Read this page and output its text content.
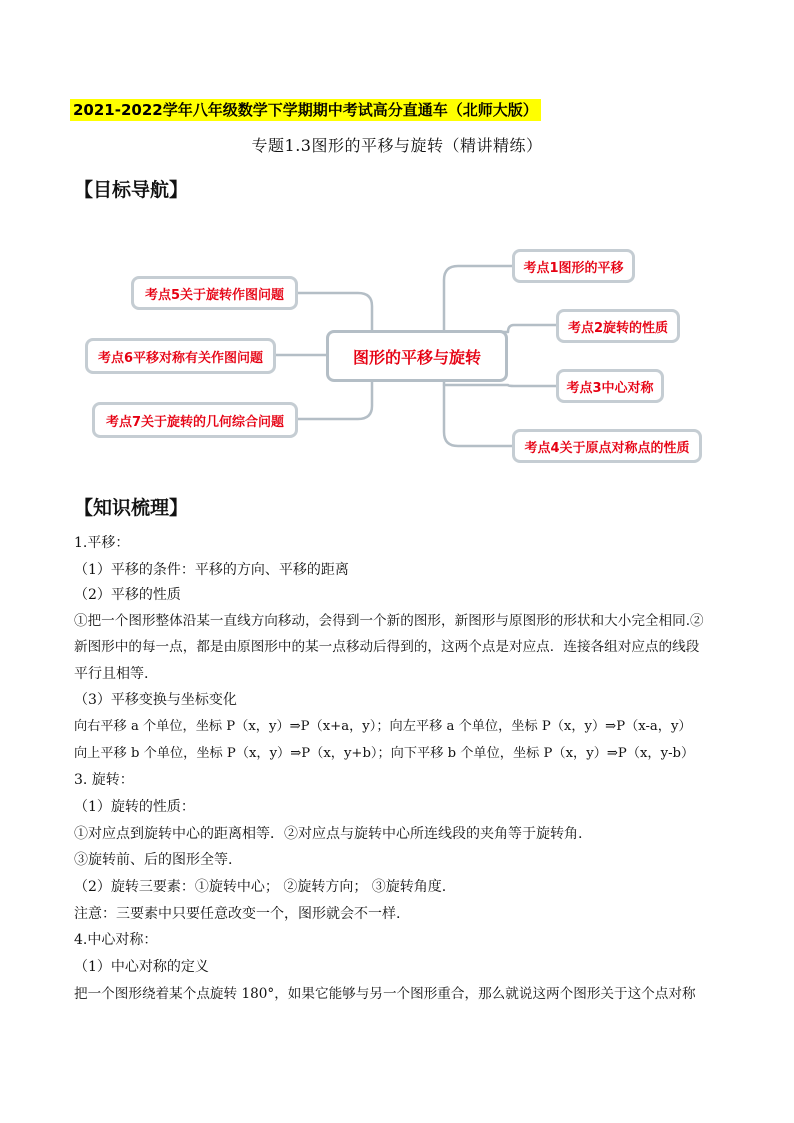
2021-2022学年八年级数学下学期期中考试高分直通车（北师大版）
专题1.3图形的平移与旋转（精讲精练）
【目标导航】
图形的平移与旋转
考点1图形的平移
考点2旋转的性质
考点3中心对称
考点4关于原点对称点的性质
考点5关于旋转作图问题
考点6平移对称有关作图问题
考点7关于旋转的几何综合问题
【知识梳理】
1.平移：
（1）平移的条件：平移的方向、平移的距离
（2）平移的性质
①把一个图形整体沿某一直线方向移动，会得到一个新的图形，新图形与原图形的形状和大小完全相同.②
新图形中的每一点，都是由原图形中的某一点移动后得到的，这两个点是对应点．连接各组对应点的线段
平行且相等.
（3）平移变换与坐标变化
向右平移 a 个单位，坐标 P（x，y）⇒P（x+a，y）；向左平移 a 个单位，坐标 P（x，y）⇒P（x-a，y）
向上平移 b 个单位，坐标 P（x，y）⇒P（x，y+b）；向下平移 b 个单位，坐标 P（x，y）⇒P（x，y-b）
3. 旋转：
（1）旋转的性质：
①对应点到旋转中心的距离相等．②对应点与旋转中心所连线段的夹角等于旋转角.
③旋转前、后的图形全等.
（2）旋转三要素：①旋转中心； ②旋转方向； ③旋转角度.
注意：三要素中只要任意改变一个，图形就会不一样.
4.中心对称：
（1）中心对称的定义
把一个图形绕着某个点旋转 180°，如果它能够与另一个图形重合，那么就说这两个图形关于这个点对称
